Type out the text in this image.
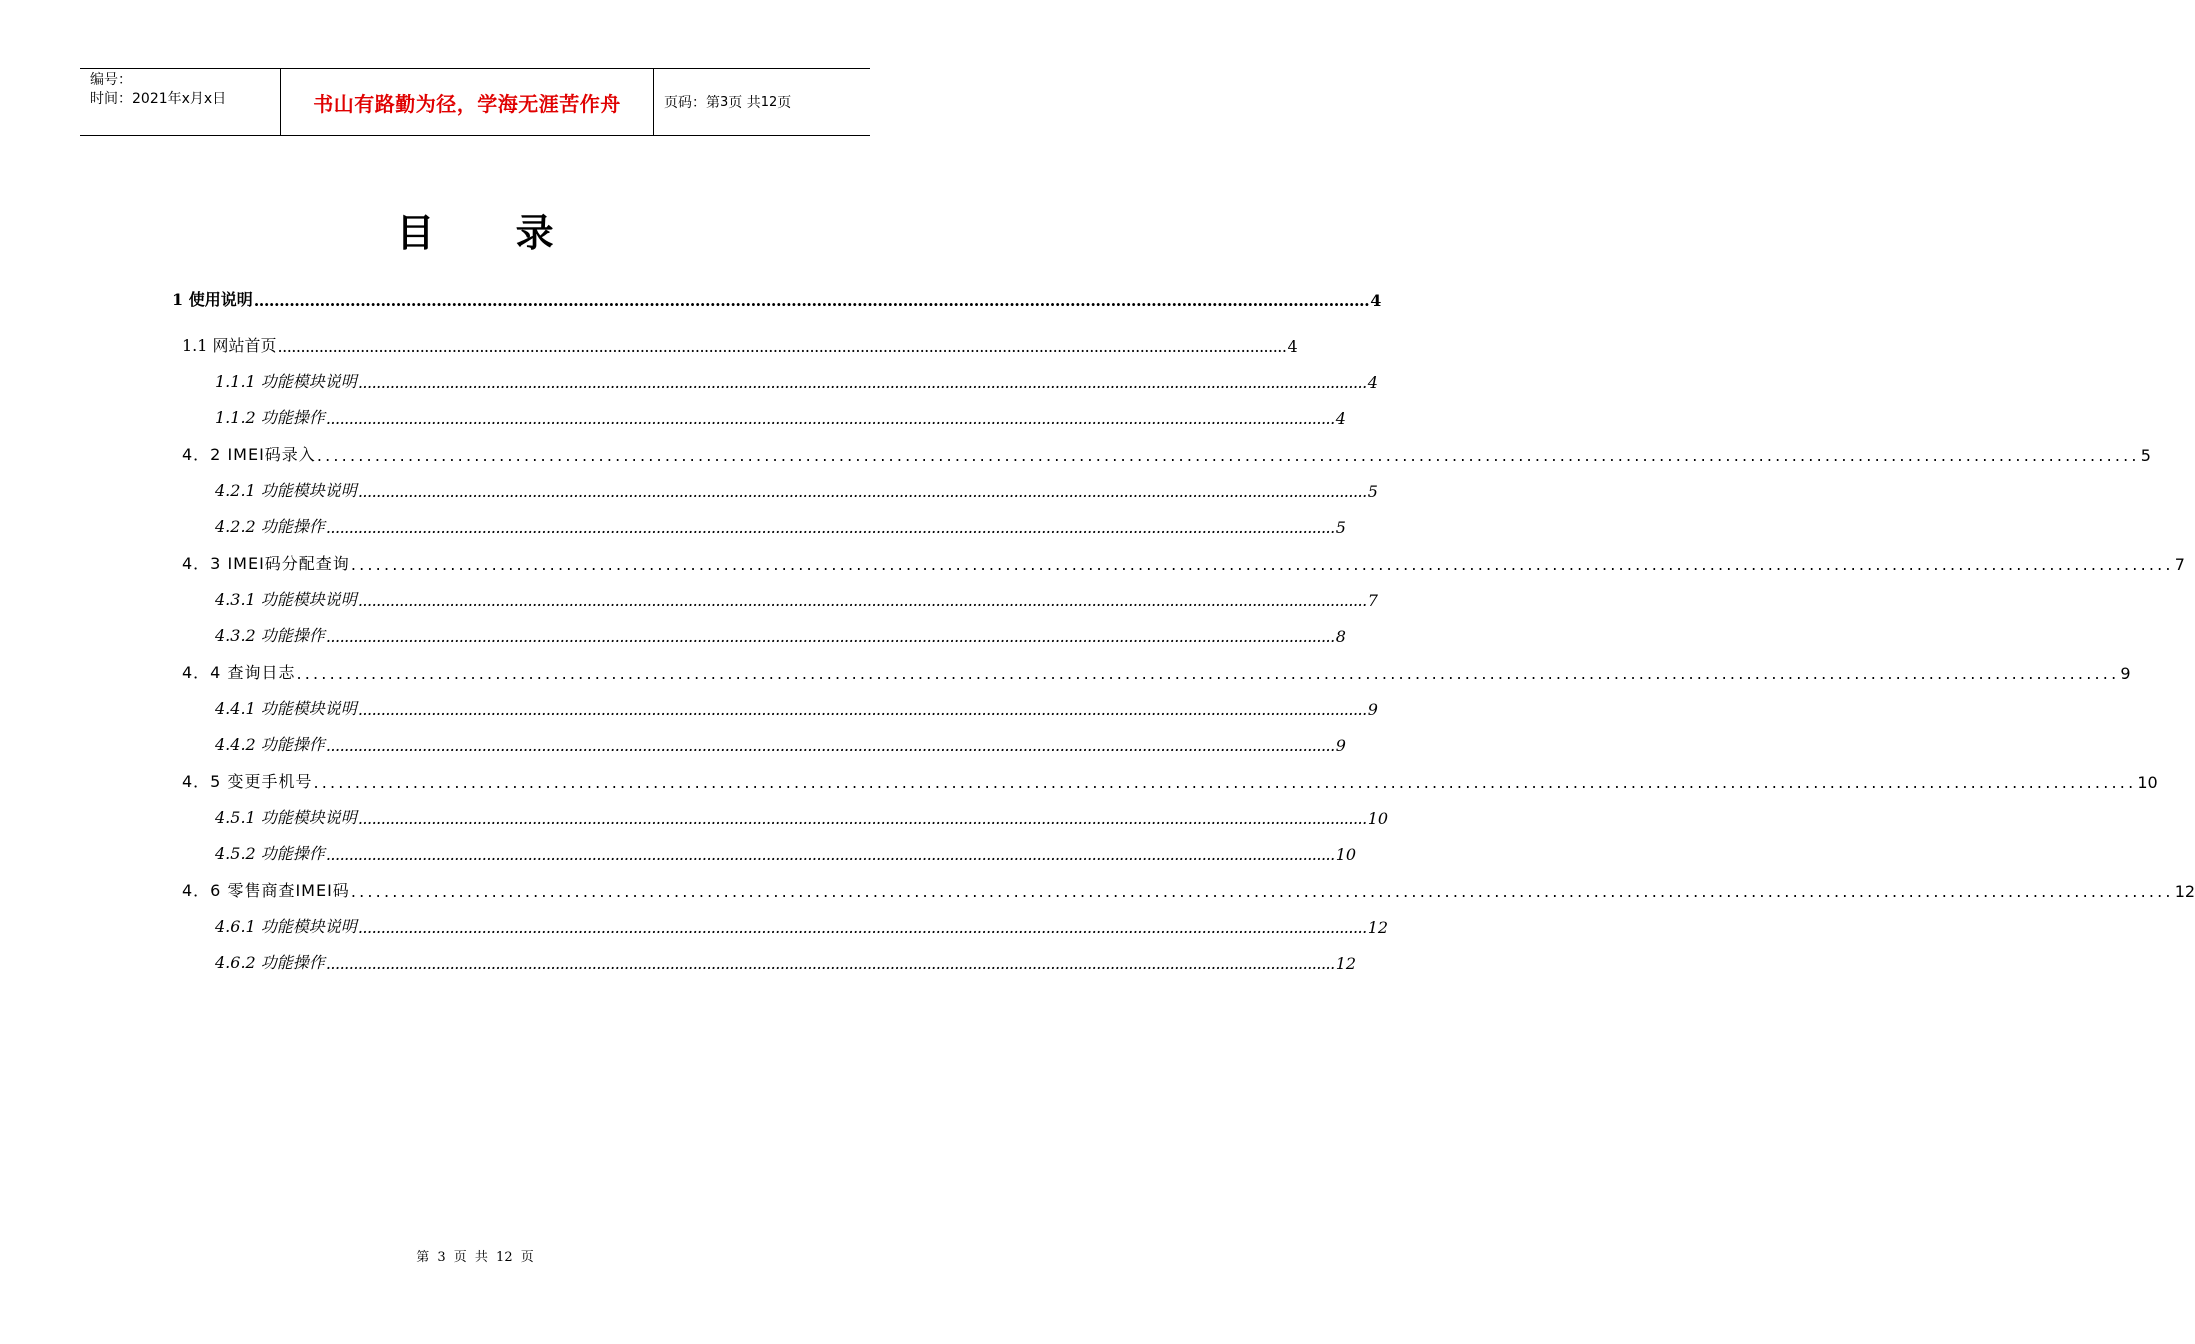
编号：
时间：2021年x月x日	书山有路勤为径，学海无涯苦作舟	页码：第 3 页 共 12 页
目 录
1 使用说明 ............................................................................................................................................................................................................................ 4
1.1 网站首页 ............................................................................................................................................................................................................................ 4
1.1.1 功能模块说明 ............................................................................................................................................................................................................................ 4
1.1.2 功能操作 ............................................................................................................................................................................................................................ 4
4．2 IMEI码录入 ............................................................................................................................................................................................................................ 5
4.2.1 功能模块说明 ............................................................................................................................................................................................................................ 5
4.2.2 功能操作 ............................................................................................................................................................................................................................ 5
4．3 IMEI码分配查询 ............................................................................................................................................................................................................................ 7
4.3.1 功能模块说明 ............................................................................................................................................................................................................................ 7
4.3.2 功能操作 ............................................................................................................................................................................................................................ 8
4．4 查询日志 ............................................................................................................................................................................................................................ 9
4.4.1 功能模块说明 ............................................................................................................................................................................................................................ 9
4.4.2 功能操作 ............................................................................................................................................................................................................................ 9
4．5 变更手机号 ............................................................................................................................................................................................................................ 10
4.5.1 功能模块说明 ............................................................................................................................................................................................................................ 10
4.5.2 功能操作 ............................................................................................................................................................................................................................ 10
4．6 零售商查IMEI码 ............................................................................................................................................................................................................................ 12
4.6.1 功能模块说明 ............................................................................................................................................................................................................................ 12
4.6.2 功能操作 ............................................................................................................................................................................................................................ 12
第 3 页 共 12 页
